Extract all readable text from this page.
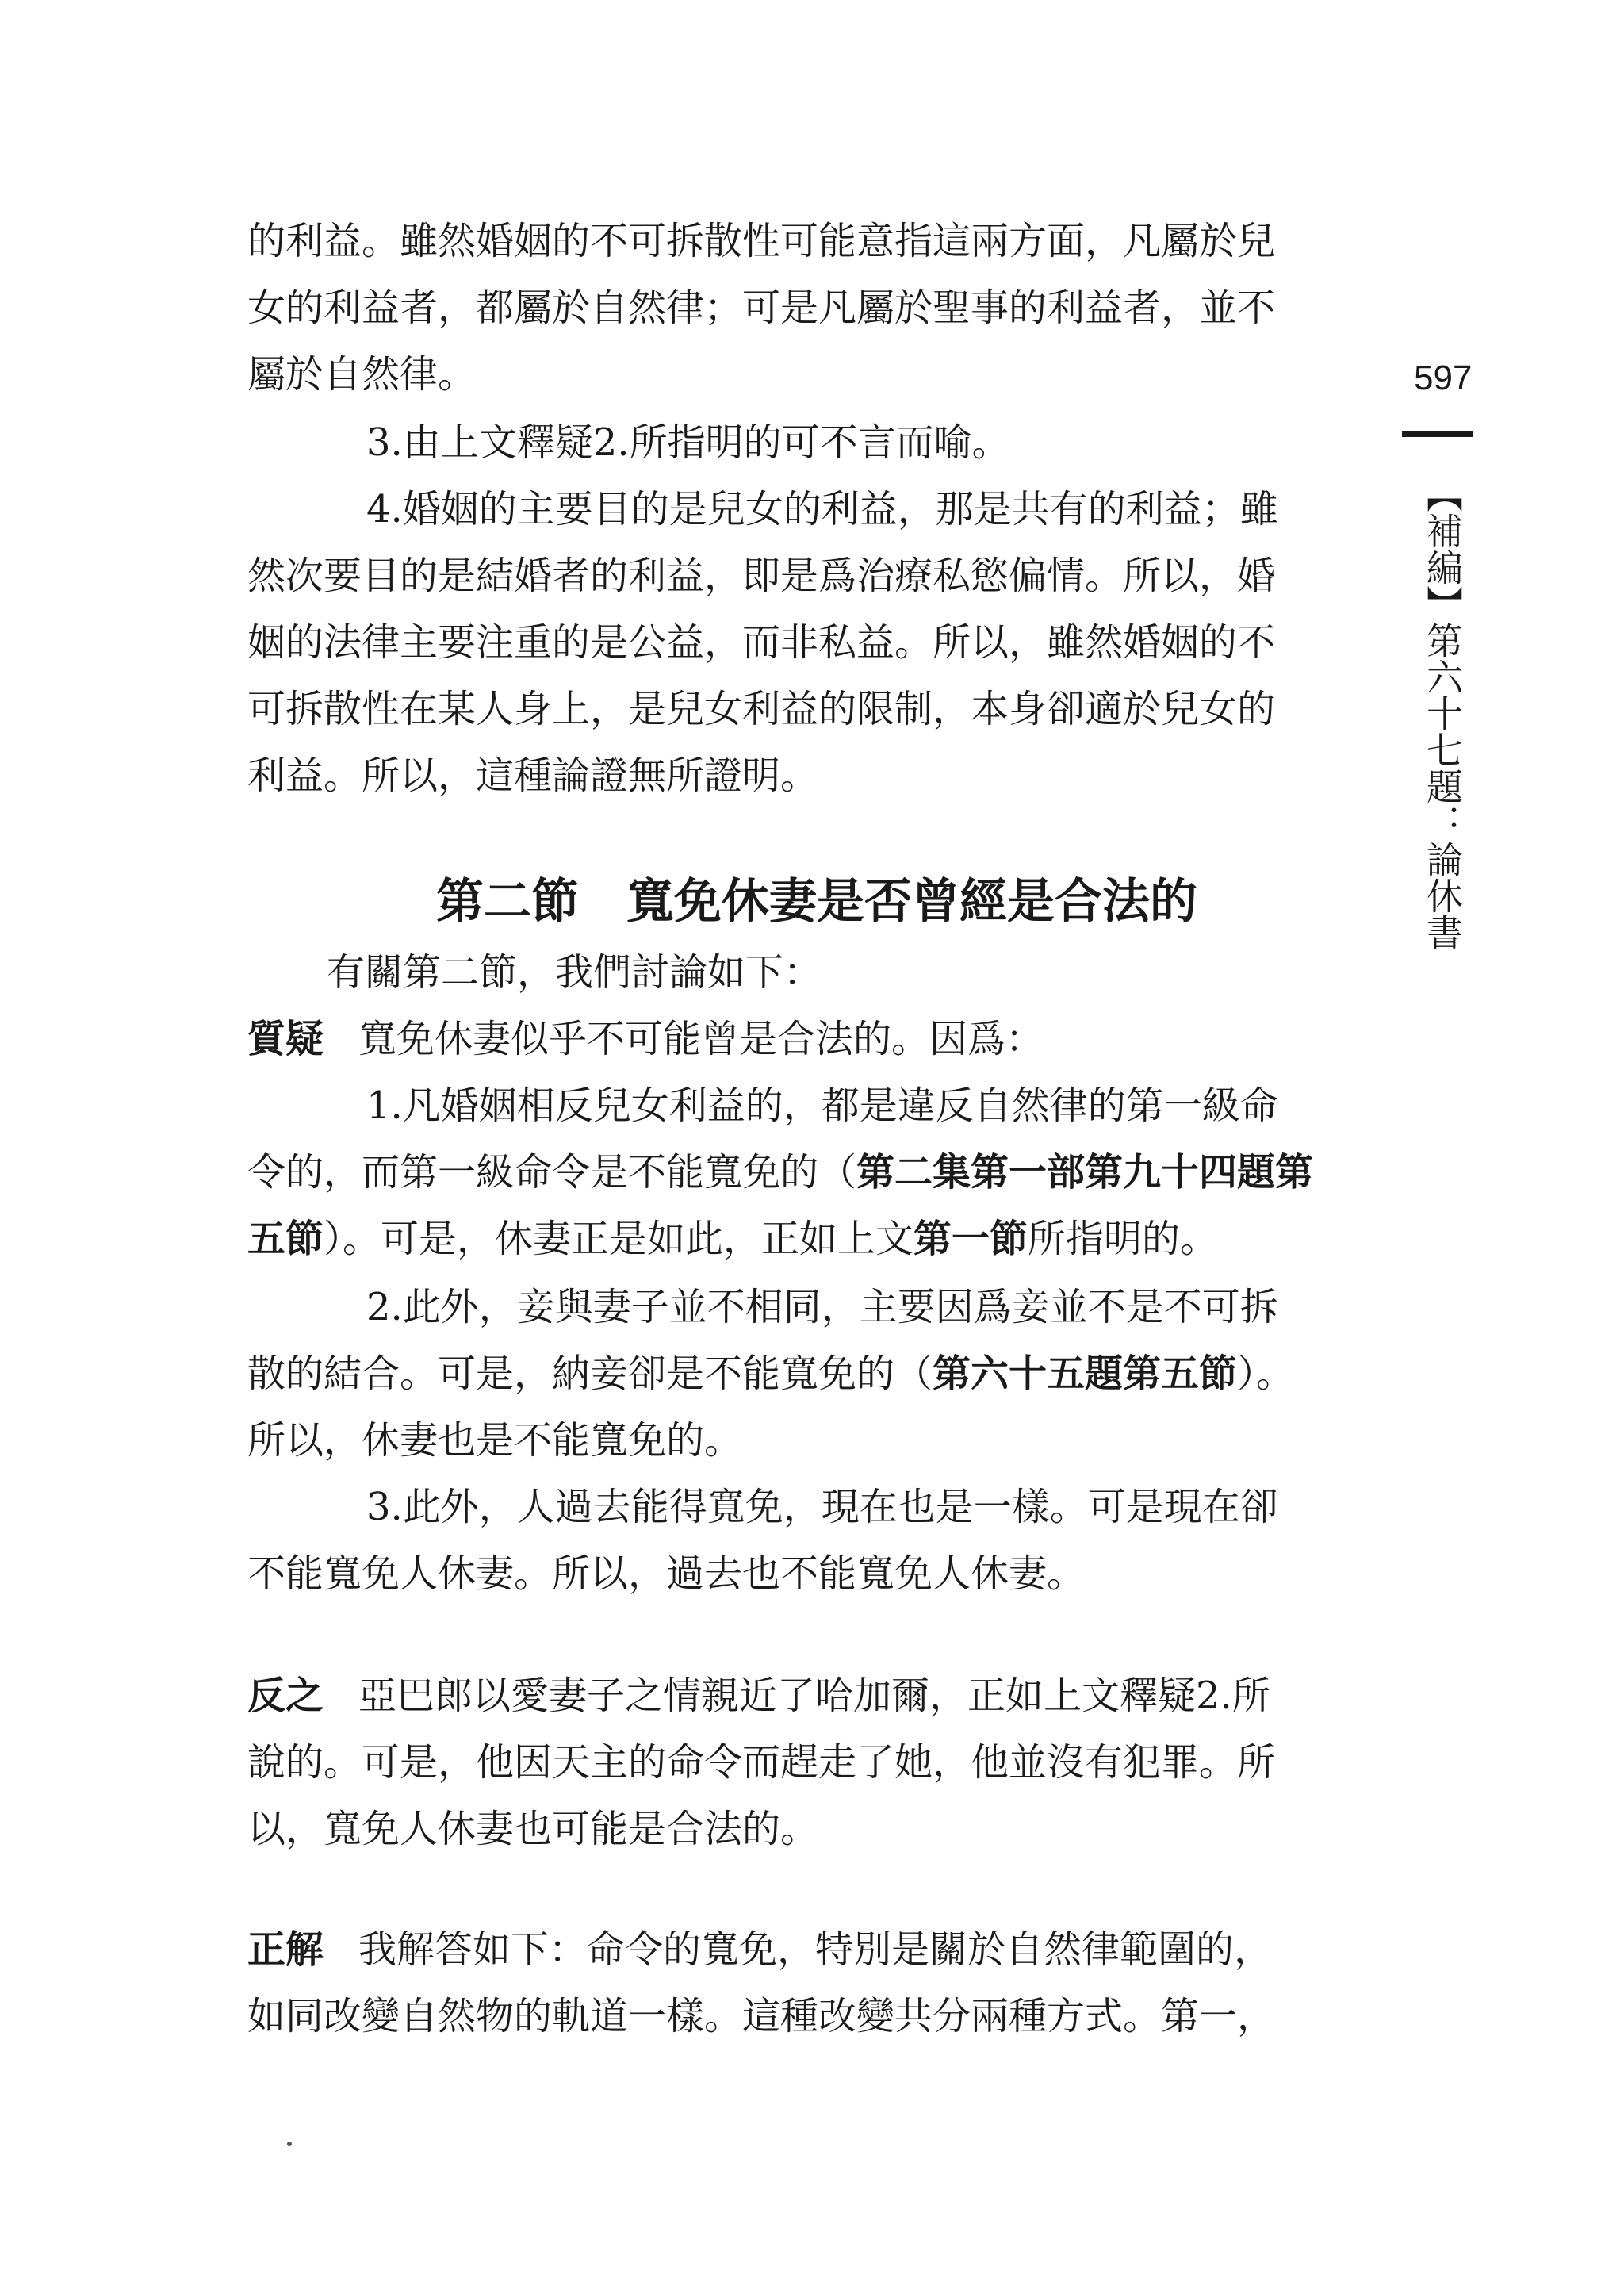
597
【補編】第六十七題：論休書
的利益。雖然婚姻的不可拆散性可能意指這兩方面，凡屬於兒
女的利益者，都屬於自然律；可是凡屬於聖事的利益者，並不
屬於自然律。
3.由上文釋疑2.所指明的可不言而喻。
4.婚姻的主要目的是兒女的利益，那是共有的利益；雖
然次要目的是結婚者的利益，即是爲治療私慾偏情。所以，婚
姻的法律主要注重的是公益，而非私益。所以，雖然婚姻的不
可拆散性在某人身上，是兒女利益的限制，本身卻適於兒女的
利益。所以，這種論證無所證明。
第二節　寬免休妻是否曾經是合法的
有關第二節，我們討論如下：
質疑 寬免休妻似乎不可能曾是合法的。因爲：
1.凡婚姻相反兒女利益的，都是違反自然律的第一級命
令的，而第一級命令是不能寬免的（第二集第一部第九十四題第
五節）。可是，休妻正是如此，正如上文第一節所指明的。
2.此外，妾與妻子並不相同，主要因爲妾並不是不可拆
散的結合。可是，納妾卻是不能寬免的（第六十五題第五節）。
所以，休妻也是不能寬免的。
3.此外，人過去能得寬免，現在也是一樣。可是現在卻
不能寬免人休妻。所以，過去也不能寬免人休妻。
反之 亞巴郎以愛妻子之情親近了哈加爾，正如上文釋疑2.所
說的。可是，他因天主的命令而趕走了她，他並沒有犯罪。所
以，寬免人休妻也可能是合法的。
正解 我解答如下：命令的寬免，特別是關於自然律範圍的，
如同改變自然物的軌道一樣。這種改變共分兩種方式。第一，
